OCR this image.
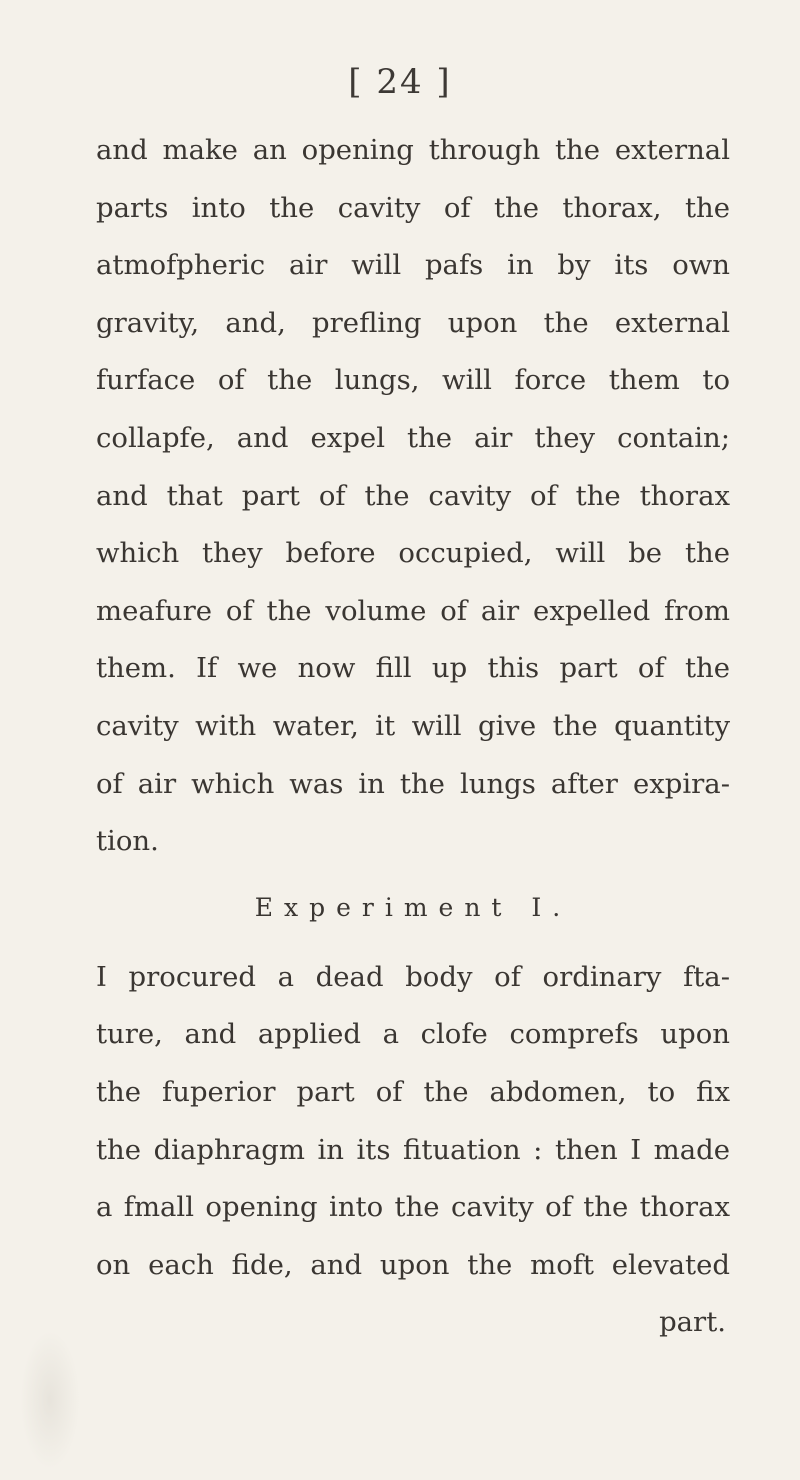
[ 24 ]
and make an opening through the external
parts into the cavity of the thorax, the
atmofpheric air will pafs in by its own
gravity, and, prefling upon the external
furface of the lungs, will force them to
collapfe, and expel the air they contain;
and that part of the cavity of the thorax
which they before occupied, will be the
meafure of the volume of air expelled from
them. If we now fill up this part of the
cavity with water, it will give the quantity
of air which was in the lungs after expira-
tion.
Experiment I.
I procured a dead body of ordinary fta-
ture, and applied a clofe comprefs upon
the fuperior part of the abdomen, to fix
the diaphragm in its fituation : then I made
a fmall opening into the cavity of the thorax
on each fide, and upon the moft elevated
part.
